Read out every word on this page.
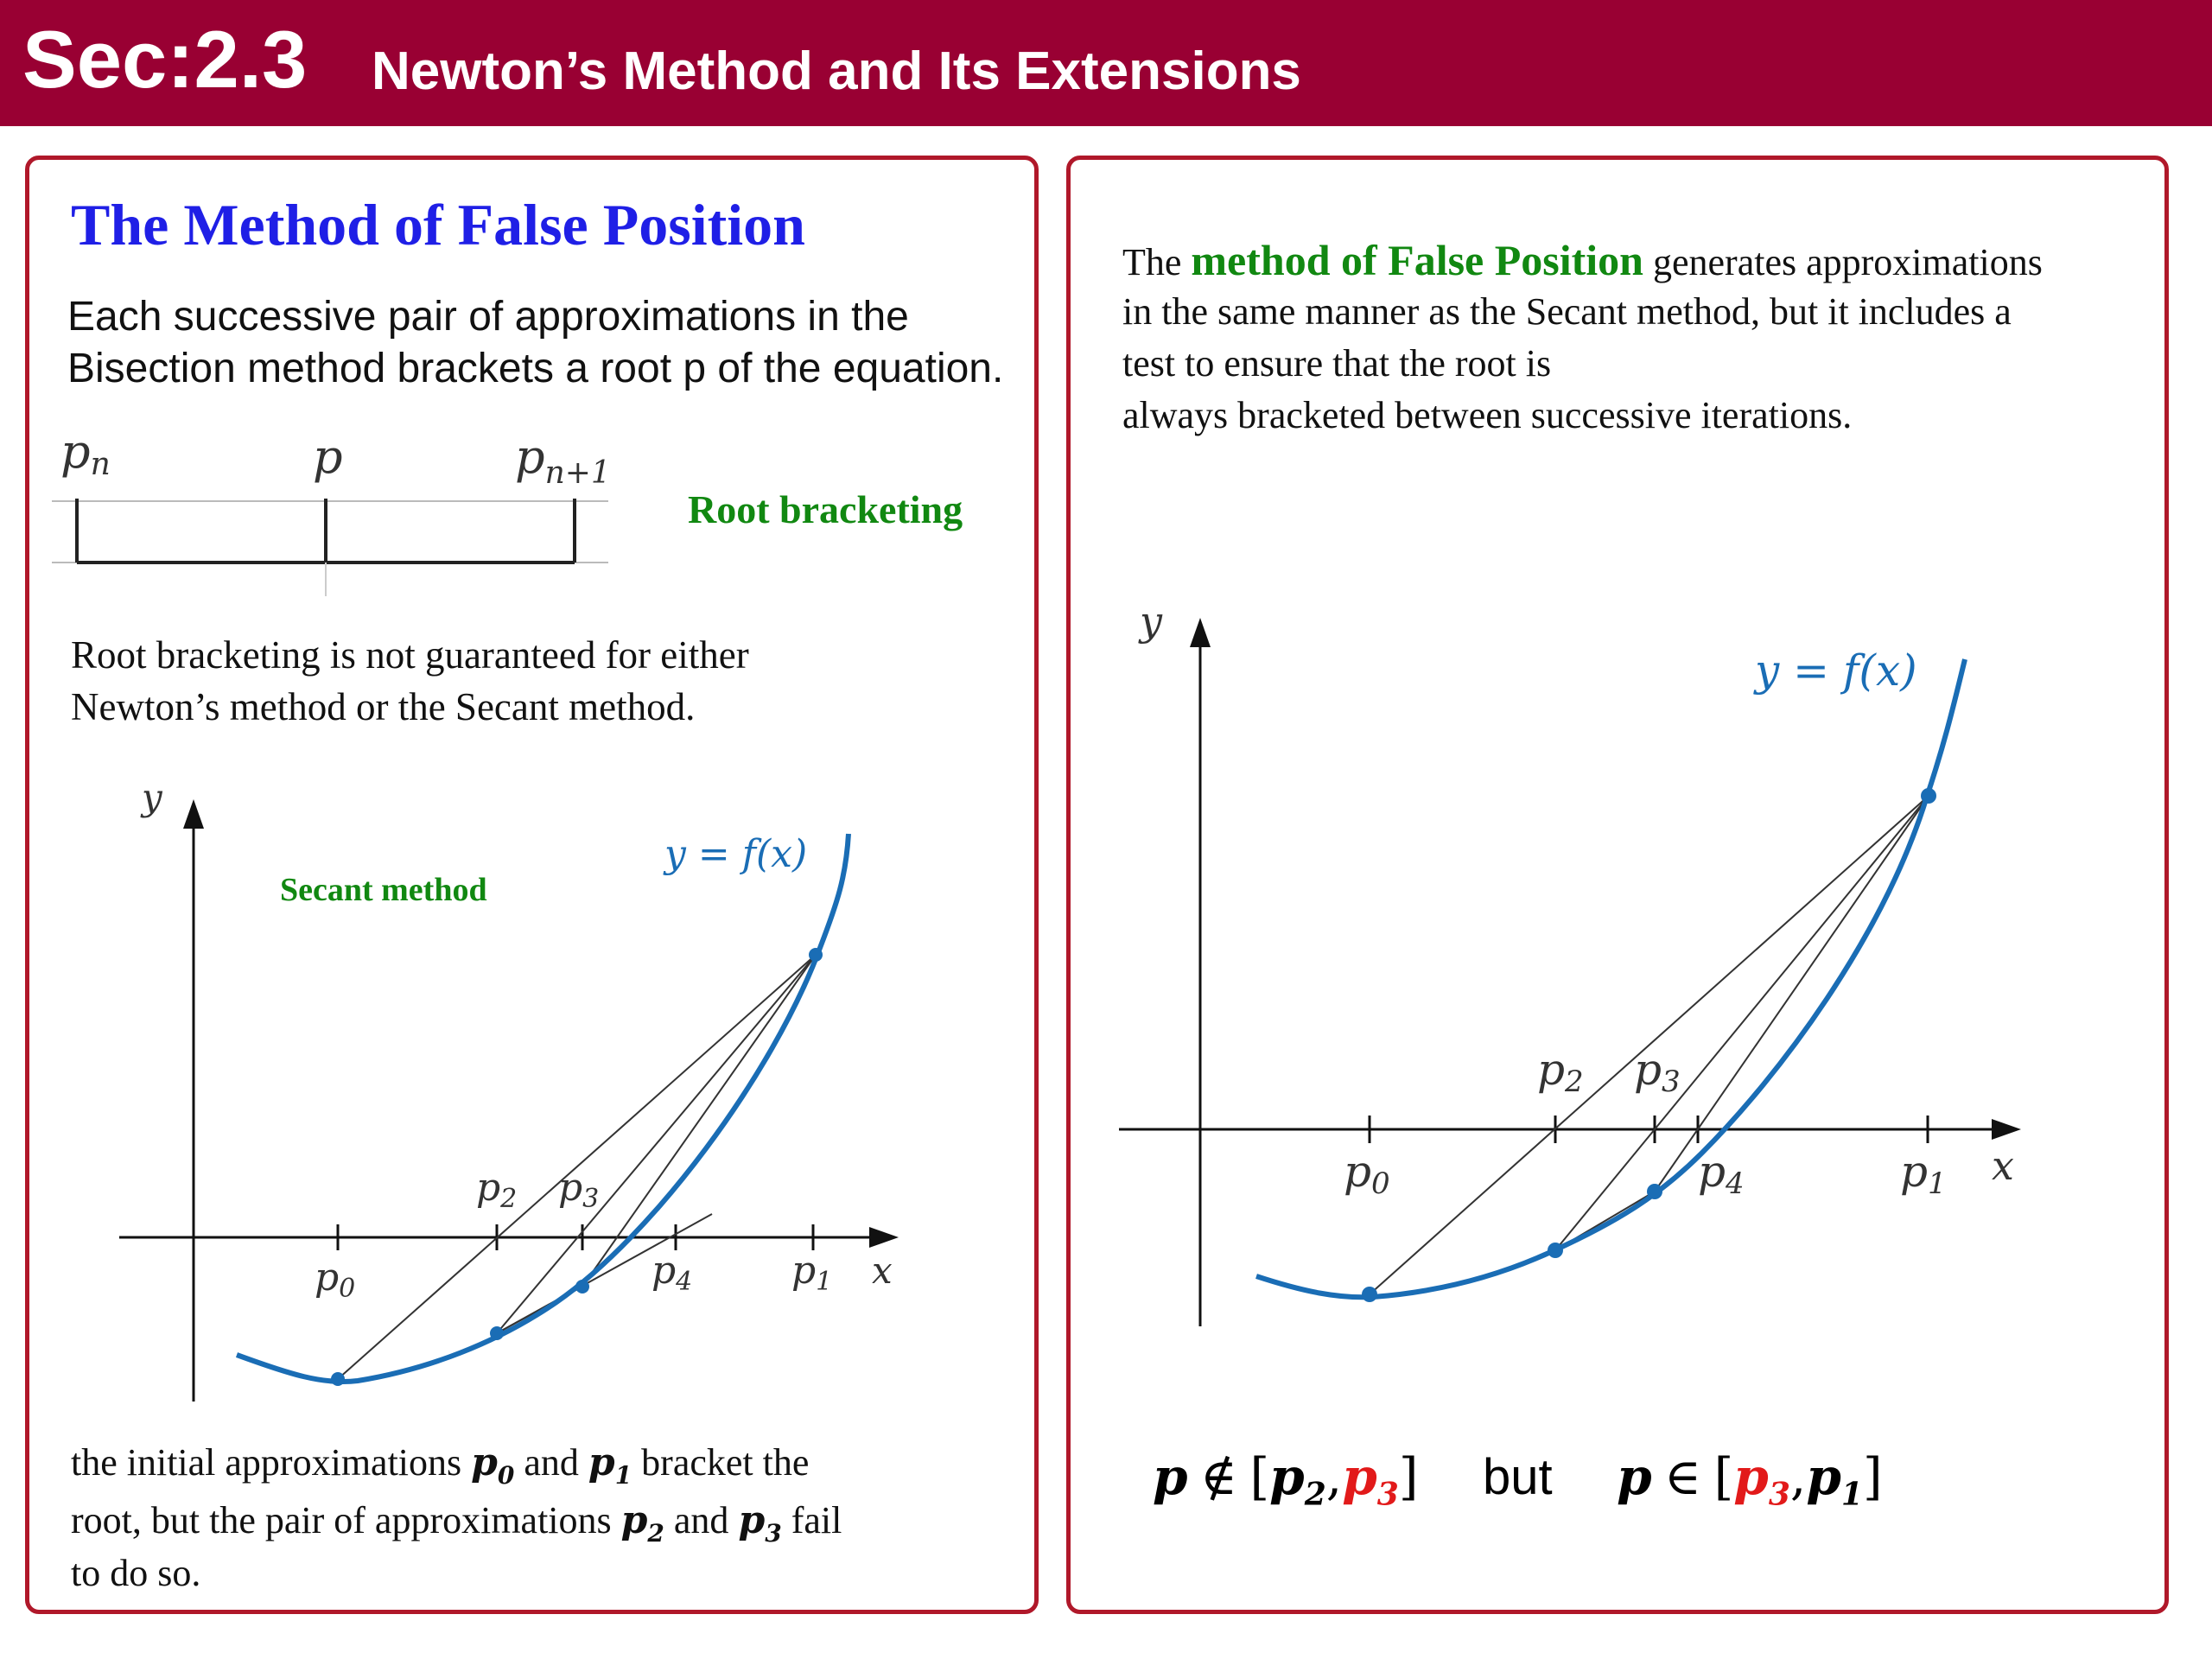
Sec:2.3 Newton’s Method and Its Extensions
The Method of False Position
Each successive pair of approximations in the
Bisection method brackets a root p of the equation.
pn	p	$p_{n+1}$
Root bracketing
Root bracketing is not guaranteed for either
Newton’s method or the Secant method.
y
x
p0
p2 p3
p4	p1
y = f(x)
Secant method
the initial approximations $p_0$ and $p_1$ bracket the
root, but the pair of approximations $p_2$ and $p_3$ fail
to do so.
The method of False Position generates approximations
in the same manner as the Secant method, but it includes a
test to ensure that the root is
always bracketed between successive iterations.
y
x
p0
p2 p3
p4	p1
y = f(x)
p ∉ $[p_2,p_3]$ but p ∈ $[p_3,p_1]$
